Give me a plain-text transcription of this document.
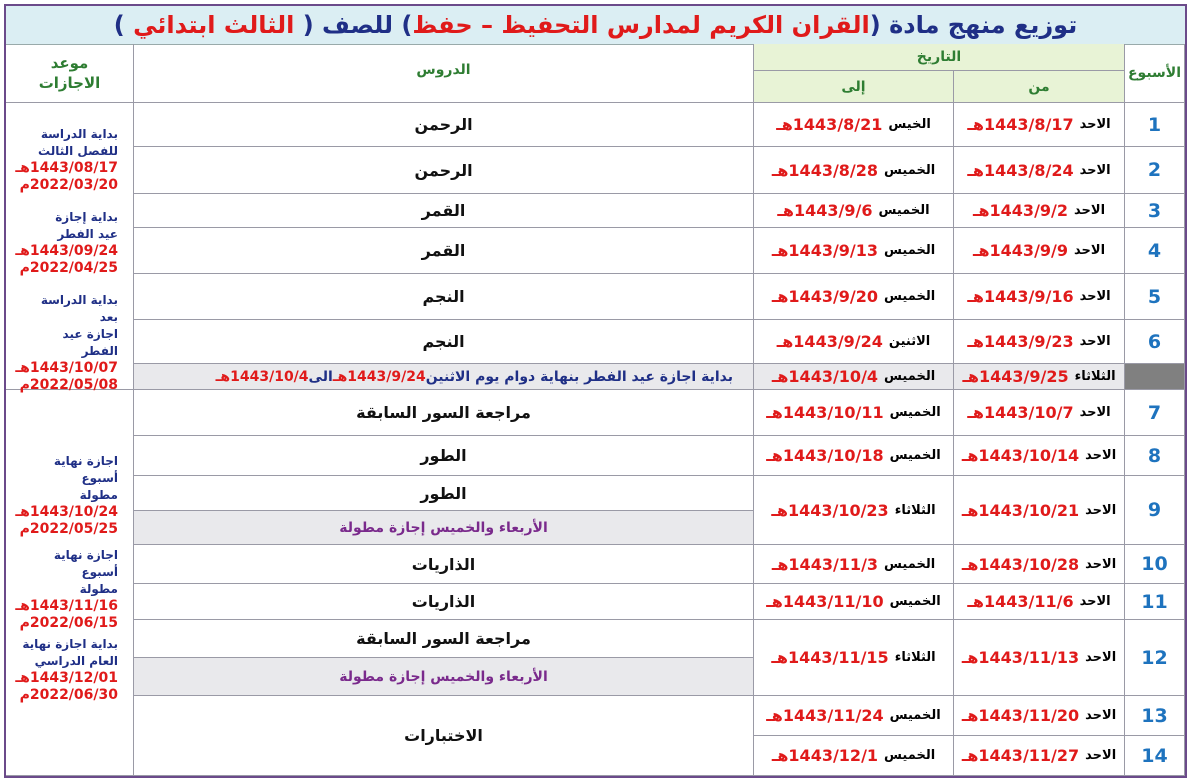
توزيع منهج مادة (القران الكريم لمدارس التحفيظ – حفظ) للصف ( الثالث ابتدائي )
الأسبوع
التاريخ
من
إلى
الدروس
موعد الاجازات
1
الاحد
1443/8/17هـ
الخيس
1443/8/21هـ
الرحمن
2
الاحد
1443/8/24هـ
الخميس
1443/8/28هـ
الرحمن
3
الاحد
1443/9/2هـ
الخميس
1443/9/6هـ
القمر
4
الاحد
1443/9/9هـ
الخميس
1443/9/13هـ
القمر
5
الاحد
1443/9/16هـ
الخميس
1443/9/20هـ
النجم
6
الاحد
1443/9/23هـ
الاثنين
1443/9/24هـ
النجم
الثلاثاء
1443/9/25هـ
الخميس
1443/10/4هـ
7
الاحد
1443/10/7هـ
الخميس
1443/10/11هـ
مراجعة السور السابقة
8
الاحد
1443/10/14هـ
الخميس
1443/10/18هـ
الطور
9
الاحد
1443/10/21هـ
الثلاثاء
1443/10/23هـ
الطور
الأربعاء والخميس إجازة مطولة
10
الاحد
1443/10/28هـ
الخميس
1443/11/3هـ
الذاريات
11
الاحد
1443/11/6هـ
الخميس
1443/11/10هـ
الذاريات
12
الاحد
1443/11/13هـ
الثلاثاء
1443/11/15هـ
مراجعة السور السابقة
الأربعاء والخميس إجازة مطولة
13
الاحد
1443/11/20هـ
الخميس
1443/11/24هـ
الاختبارات
14
الاحد
1443/11/27هـ
الخميس
1443/12/1هـ
بداية اجازة عيد الفطر بنهاية دوام يوم الاثنين
1443/9/24هـ
الى
1443/10/4هـ
بداية الدراسة
للفصل الثالث
1443/08/17هـ
2022/03/20م
بداية إجازة
عيد الفطر
1443/09/24هـ
2022/04/25م
بداية الدراسة بعد
اجازة عيد الفطر
1443/10/07هـ
2022/05/08م
اجازة نهاية أسبوع
مطولة
1443/10/24هـ
2022/05/25م
اجازة نهاية أسبوع
مطولة
1443/11/16هـ
2022/06/15م
بداية اجازة نهاية
العام الدراسي
1443/12/01هـ
2022/06/30م
